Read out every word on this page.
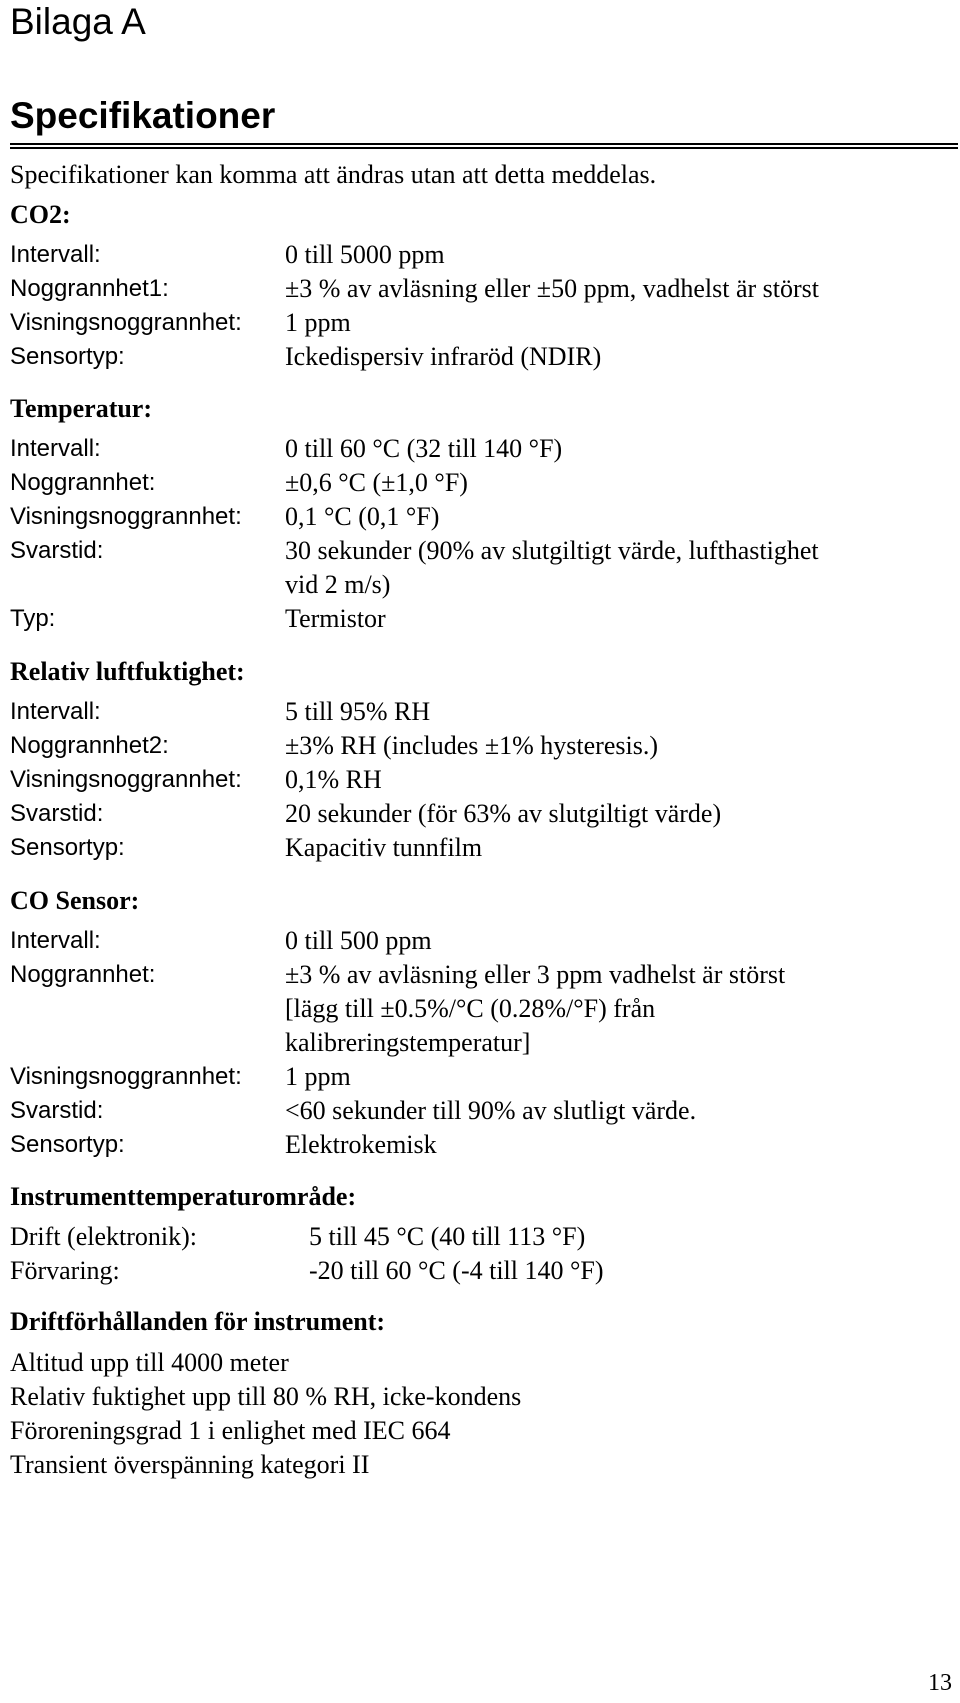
Bilaga A
Specifikationer
Specifikationer kan komma att ändras utan att detta meddelas.
CO2:
Intervall:	0 till 5000 ppm
Noggrannhet1:	±3 % av avläsning eller ±50 ppm, vadhelst är störst
Visningsnoggrannhet: 1 ppm
Sensortyp:	Ickedispersiv infraröd (NDIR)
Temperatur:
Intervall:	0 till 60 °C (32 till 140 °F)
Noggrannhet:	±0,6 °C (±1,0 °F)
Visningsnoggrannhet: 0,1 °C (0,1 °F)
Svarstid:	30 sekunder (90% av slutgiltigt värde, lufthastighet
vid 2 m/s)
Typ:	Termistor
Relativ luftfuktighet:
Intervall:	5 till 95% RH
Noggrannhet2:	±3% RH (includes ±1% hysteresis.)
Visningsnoggrannhet: 0,1% RH
Svarstid:	20 sekunder (för 63% av slutgiltigt värde)
Sensortyp:	Kapacitiv tunnfilm
CO Sensor:
Intervall:	0 till 500 ppm
Noggrannhet:	±3 % av avläsning eller 3 ppm vadhelst är störst
[lägg till ±0.5%/°C (0.28%/°F) från
kalibreringstemperatur]
Visningsnoggrannhet: 1 ppm
Svarstid:	<60 sekunder till 90% av slutligt värde.
Sensortyp:	Elektrokemisk
Instrumenttemperaturområde:
Drift (elektronik):	5 till 45 °C (40 till 113 °F)
Förvaring:	-20 till 60 °C (-4 till 140 °F)
Driftförhållanden för instrument:
Altitud upp till 4000 meter
Relativ fuktighet upp till 80 % RH, icke-kondens
Föroreningsgrad 1 i enlighet med IEC 664
Transient överspänning kategori II
13
